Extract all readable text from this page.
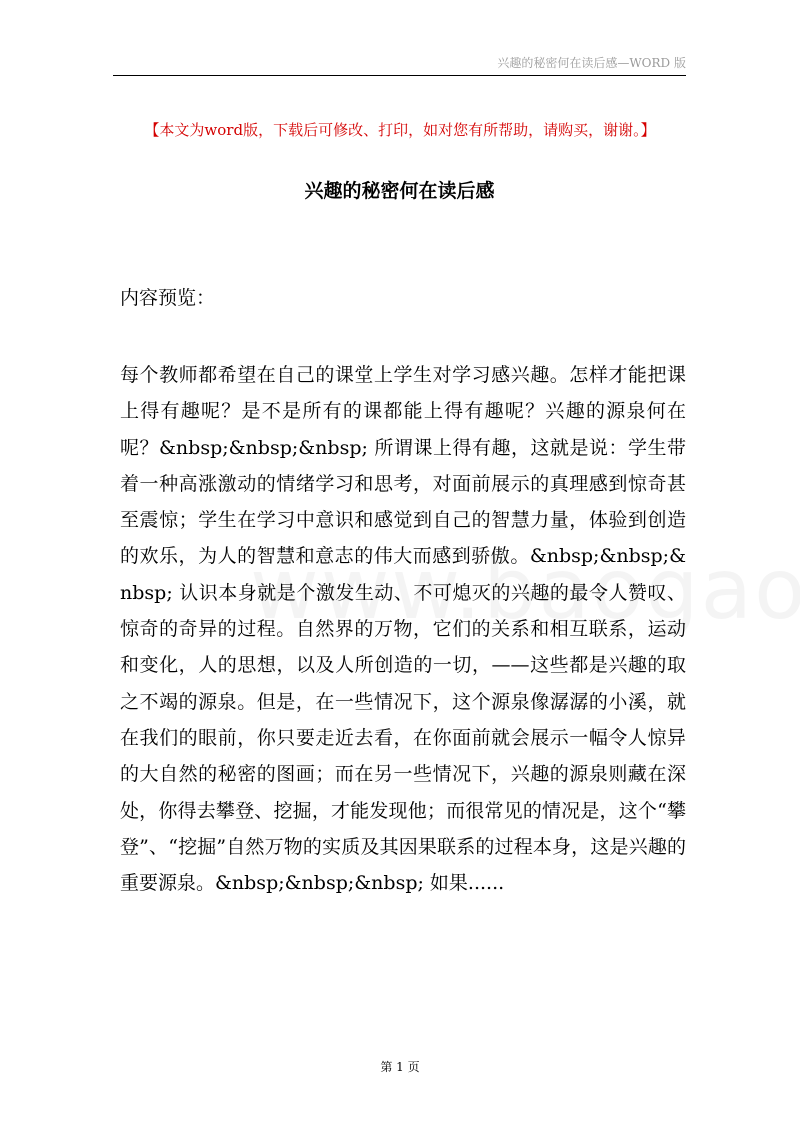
兴趣的秘密何在读后感—WORD 版
【本文为word版，下载后可修改、打印，如对您有所帮助，请购买，谢谢。】
兴趣的秘密何在读后感
内容预览：

每个教师都希望在自己的课堂上学生对学习感兴趣。怎样才能把课上得有趣呢？是不是所有的课都能上得有趣呢？兴趣的源泉何在呢？&nbsp;&nbsp;&nbsp; 所谓课上得有趣，这就是说：学生带着一种高涨激动的情绪学习和思考，对面前展示的真理感到惊奇甚至震惊；学生在学习中意识和感觉到自己的智慧力量，体验到创造的欢乐，为人的智慧和意志的伟大而感到骄傲。&nbsp;&nbsp;&nbsp; 认识本身就是个激发生动、不可熄灭的兴趣的最令人赞叹、惊奇的奇异的过程。自然界的万物，它们的关系和相互联系，运动和变化，人的思想，以及人所创造的一切，——这些都是兴趣的取之不竭的源泉。但是，在一些情况下，这个源泉像潺潺的小溪，就在我们的眼前，你只要走近去看，在你面前就会展示一幅令人惊异的大自然的秘密的图画；而在另一些情况下，兴趣的源泉则藏在深处，你得去攀登、挖掘，才能发现他；而很常见的情况是，这个“攀登”、“挖掘”自然万物的实质及其因果联系的过程本身，这是兴趣的重要源泉。&nbsp;&nbsp;&nbsp; 如果......

第 1 页
